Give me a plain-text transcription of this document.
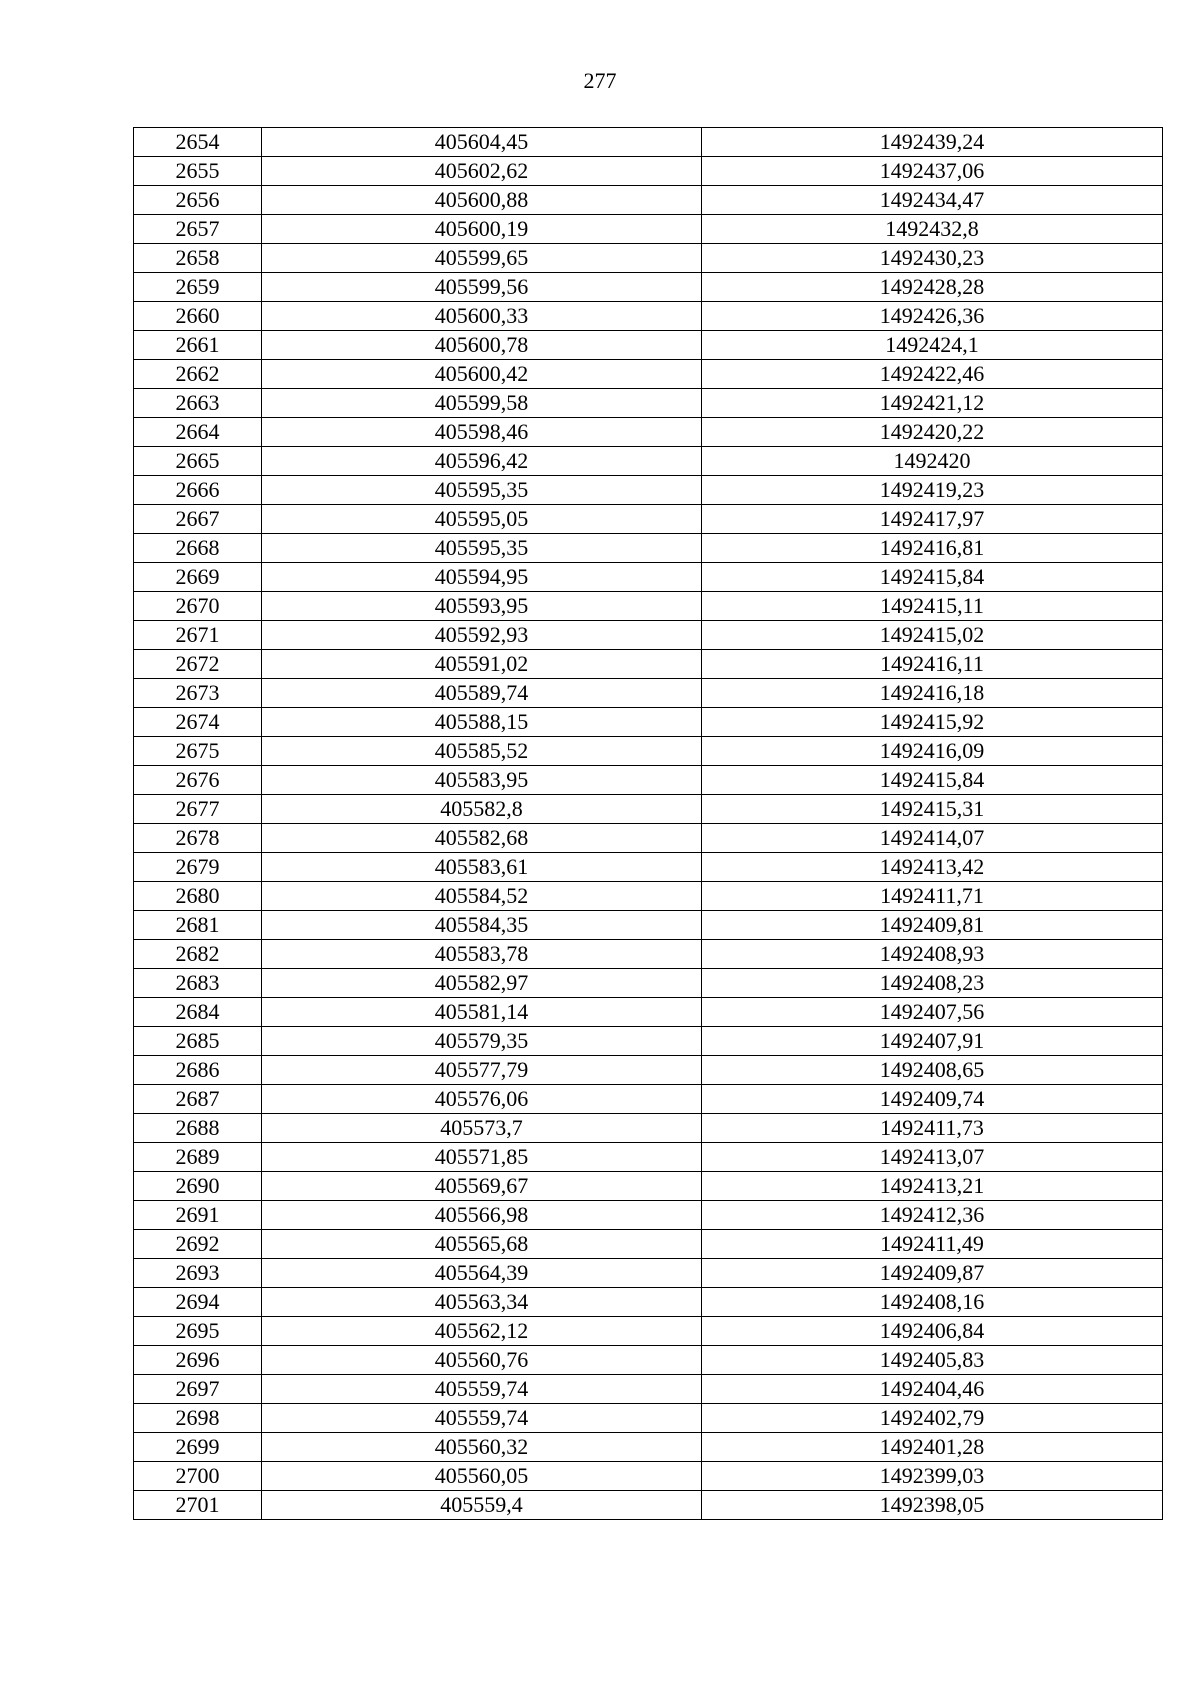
277
2654	405604,45	1492439,24
2655	405602,62	1492437,06
2656	405600,88	1492434,47
2657	405600,19	1492432,8
2658	405599,65	1492430,23
2659	405599,56	1492428,28
2660	405600,33	1492426,36
2661	405600,78	1492424,1
2662	405600,42	1492422,46
2663	405599,58	1492421,12
2664	405598,46	1492420,22
2665	405596,42	1492420
2666	405595,35	1492419,23
2667	405595,05	1492417,97
2668	405595,35	1492416,81
2669	405594,95	1492415,84
2670	405593,95	1492415,11
2671	405592,93	1492415,02
2672	405591,02	1492416,11
2673	405589,74	1492416,18
2674	405588,15	1492415,92
2675	405585,52	1492416,09
2676	405583,95	1492415,84
2677	405582,8	1492415,31
2678	405582,68	1492414,07
2679	405583,61	1492413,42
2680	405584,52	1492411,71
2681	405584,35	1492409,81
2682	405583,78	1492408,93
2683	405582,97	1492408,23
2684	405581,14	1492407,56
2685	405579,35	1492407,91
2686	405577,79	1492408,65
2687	405576,06	1492409,74
2688	405573,7	1492411,73
2689	405571,85	1492413,07
2690	405569,67	1492413,21
2691	405566,98	1492412,36
2692	405565,68	1492411,49
2693	405564,39	1492409,87
2694	405563,34	1492408,16
2695	405562,12	1492406,84
2696	405560,76	1492405,83
2697	405559,74	1492404,46
2698	405559,74	1492402,79
2699	405560,32	1492401,28
2700	405560,05	1492399,03
2701	405559,4	1492398,05
